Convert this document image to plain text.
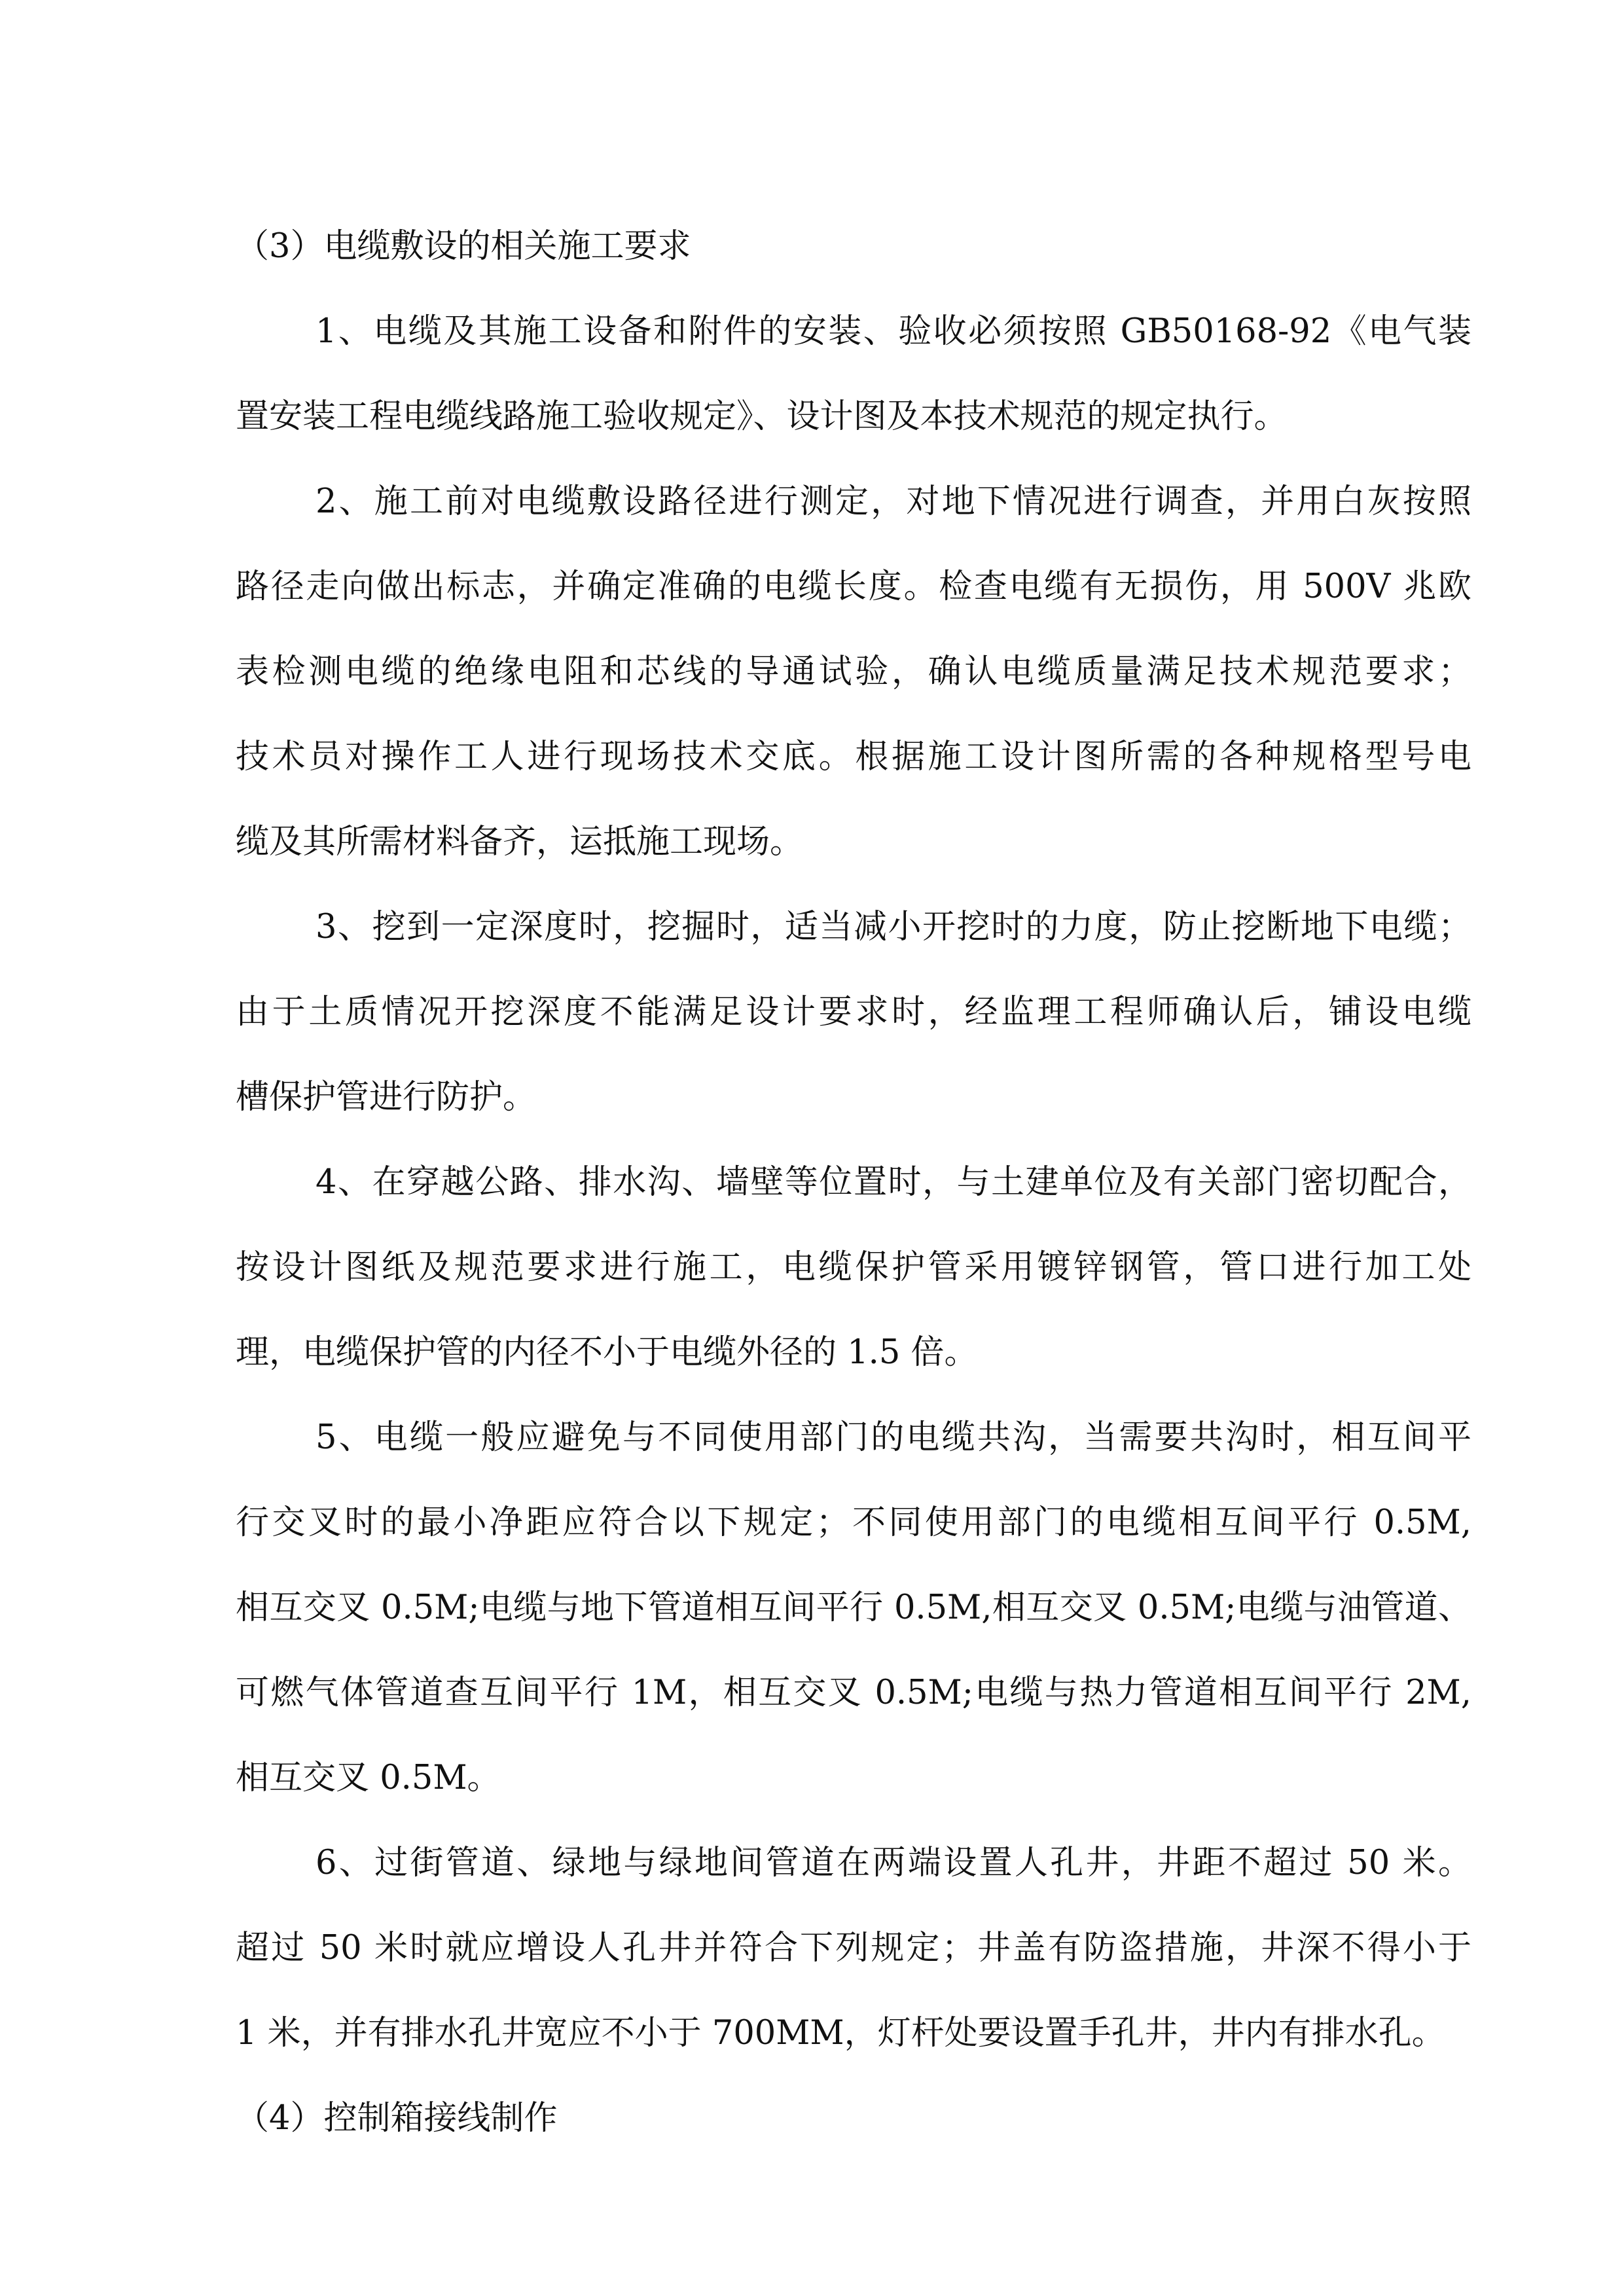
（3）电缆敷设的相关施工要求

1、电缆及其施工设备和附件的安装、验收必须按照 GB50168-92《电气装
置安装工程电缆线路施工验收规定》、设计图及本技术规范的规定执行。
2、施工前对电缆敷设路径进行测定，对地下情况进行调查，并用白灰按照
路径走向做出标志，并确定准确的电缆长度。检查电缆有无损伤，用 500V 兆欧
表检测电缆的绝缘电阻和芯线的导通试验，确认电缆质量满足技术规范要求；
技术员对操作工人进行现场技术交底。根据施工设计图所需的各种规格型号电
缆及其所需材料备齐，运抵施工现场。
3、挖到一定深度时，挖掘时，适当减小开挖时的力度，防止挖断地下电缆；
由于土质情况开挖深度不能满足设计要求时，经监理工程师确认后，铺设电缆
槽保护管进行防护。
4、在穿越公路、排水沟、墙壁等位置时，与土建单位及有关部门密切配合，
按设计图纸及规范要求进行施工，电缆保护管采用镀锌钢管，管口进行加工处
理，电缆保护管的内径不小于电缆外径的 1.5 倍。
5、电缆一般应避免与不同使用部门的电缆共沟，当需要共沟时，相互间平
行交叉时的最小净距应符合以下规定；不同使用部门的电缆相互间平行 0.5M,
相互交叉 0.5M;电缆与地下管道相互间平行 0.5M,相互交叉 0.5M;电缆与油管道、
可燃气体管道查互间平行 1M，相互交叉 0.5M;电缆与热力管道相互间平行 2M,
相互交叉 0.5M。
6、过街管道、绿地与绿地间管道在两端设置人孔井，井距不超过 50 米。
超过 50 米时就应增设人孔井并符合下列规定；井盖有防盗措施，井深不得小于
1 米，并有排水孔井宽应不小于 700MM，灯杆处要设置手孔井，井内有排水孔。

（4）控制箱接线制作
